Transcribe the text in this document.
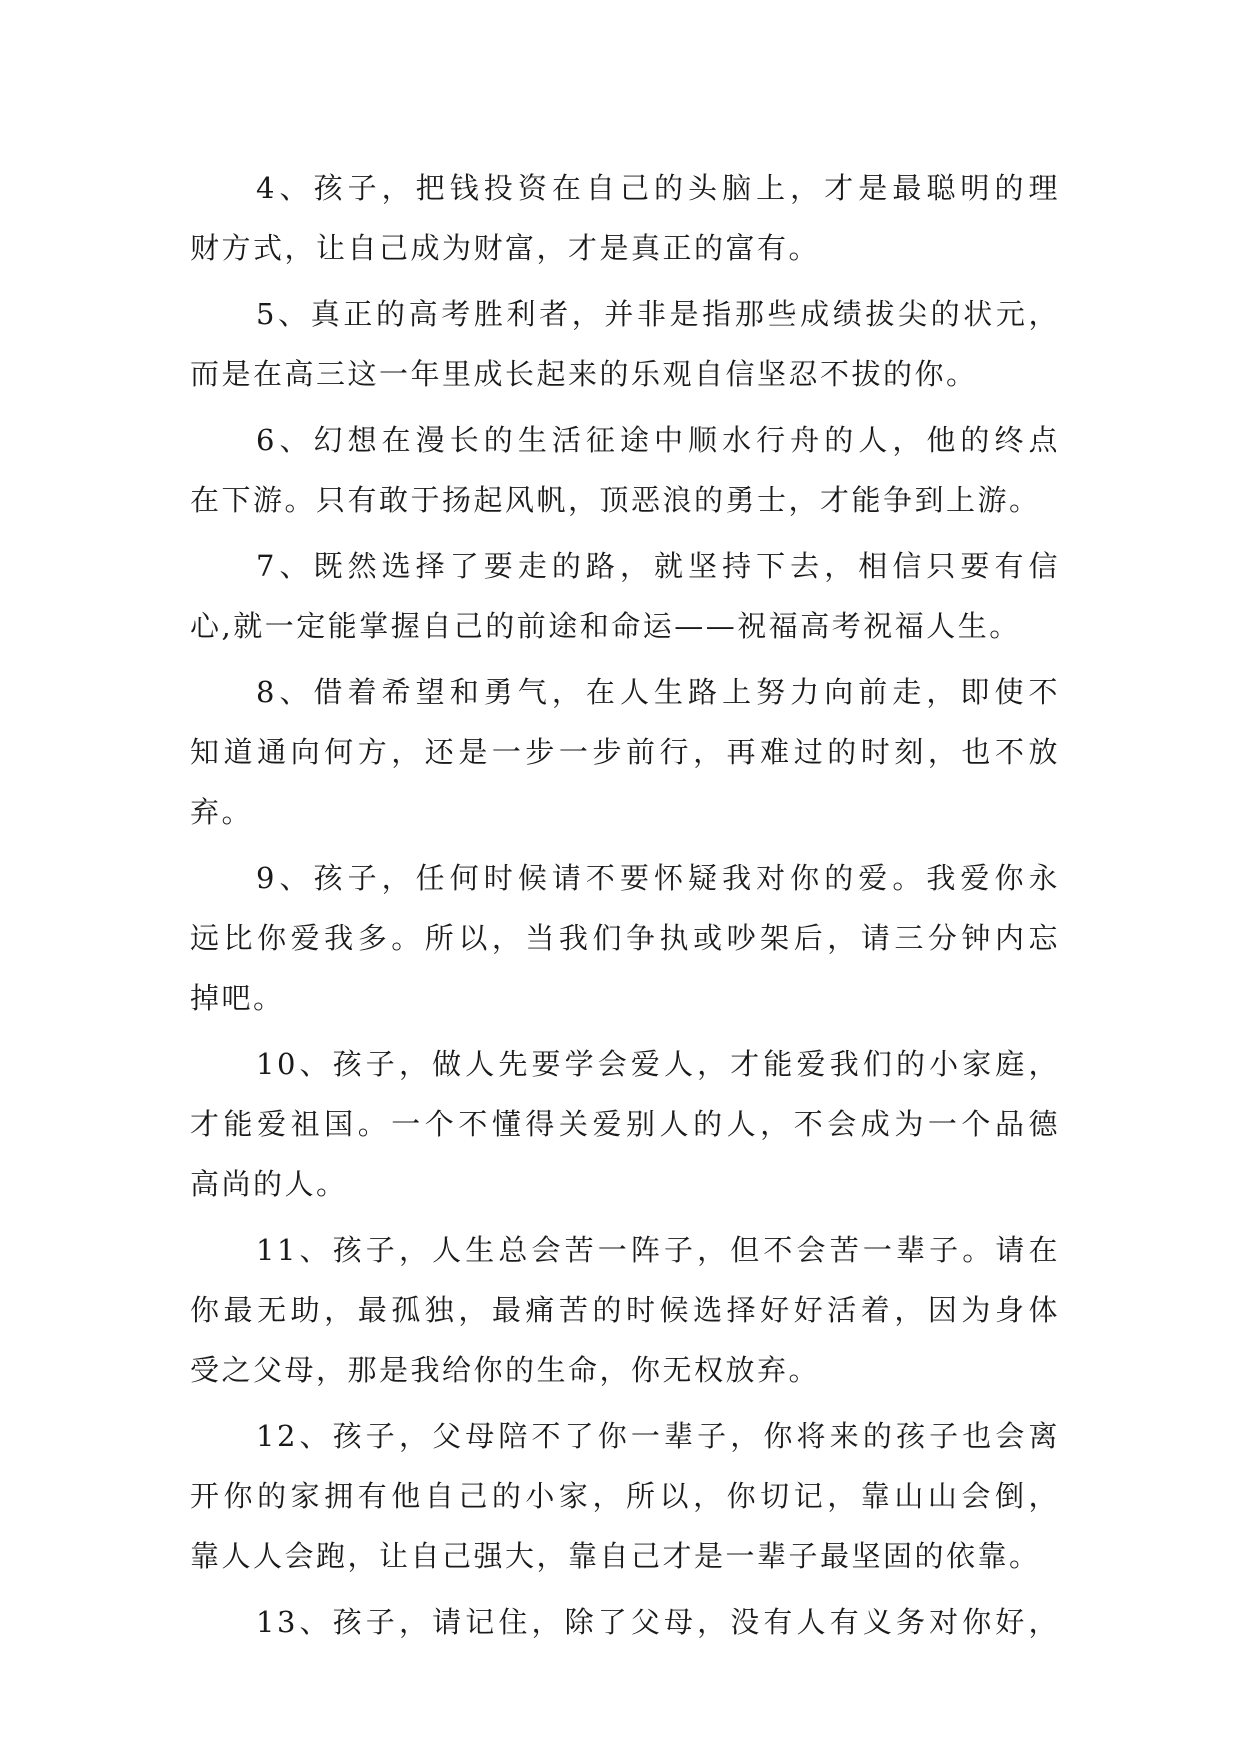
4、孩子，把钱投资在自己的头脑上，才是最聪明的理
财方式，让自己成为财富，才是真正的富有。

5、真正的高考胜利者，并非是指那些成绩拔尖的状元，
而是在高三这一年里成长起来的乐观自信坚忍不拔的你。

6、幻想在漫长的生活征途中顺水行舟的人，他的终点
在下游。只有敢于扬起风帆，顶恶浪的勇士，才能争到上游。

7、既然选择了要走的路，就坚持下去，相信只要有信
心,就一定能掌握自己的前途和命运——祝福高考祝福人生。

8、借着希望和勇气，在人生路上努力向前走，即使不
知道通向何方，还是一步一步前行，再难过的时刻，也不放
弃。

9、孩子，任何时候请不要怀疑我对你的爱。我爱你永
远比你爱我多。所以，当我们争执或吵架后，请三分钟内忘
掉吧。

10、孩子，做人先要学会爱人，才能爱我们的小家庭，
才能爱祖国。一个不懂得关爱别人的人，不会成为一个品德
高尚的人。

11、孩子，人生总会苦一阵子，但不会苦一辈子。请在
你最无助，最孤独，最痛苦的时候选择好好活着，因为身体
受之父母，那是我给你的生命，你无权放弃。

12、孩子，父母陪不了你一辈子，你将来的孩子也会离
开你的家拥有他自己的小家，所以，你切记，靠山山会倒，
靠人人会跑，让自己强大，靠自己才是一辈子最坚固的依靠。

13、孩子，请记住，除了父母，没有人有义务对你好，
